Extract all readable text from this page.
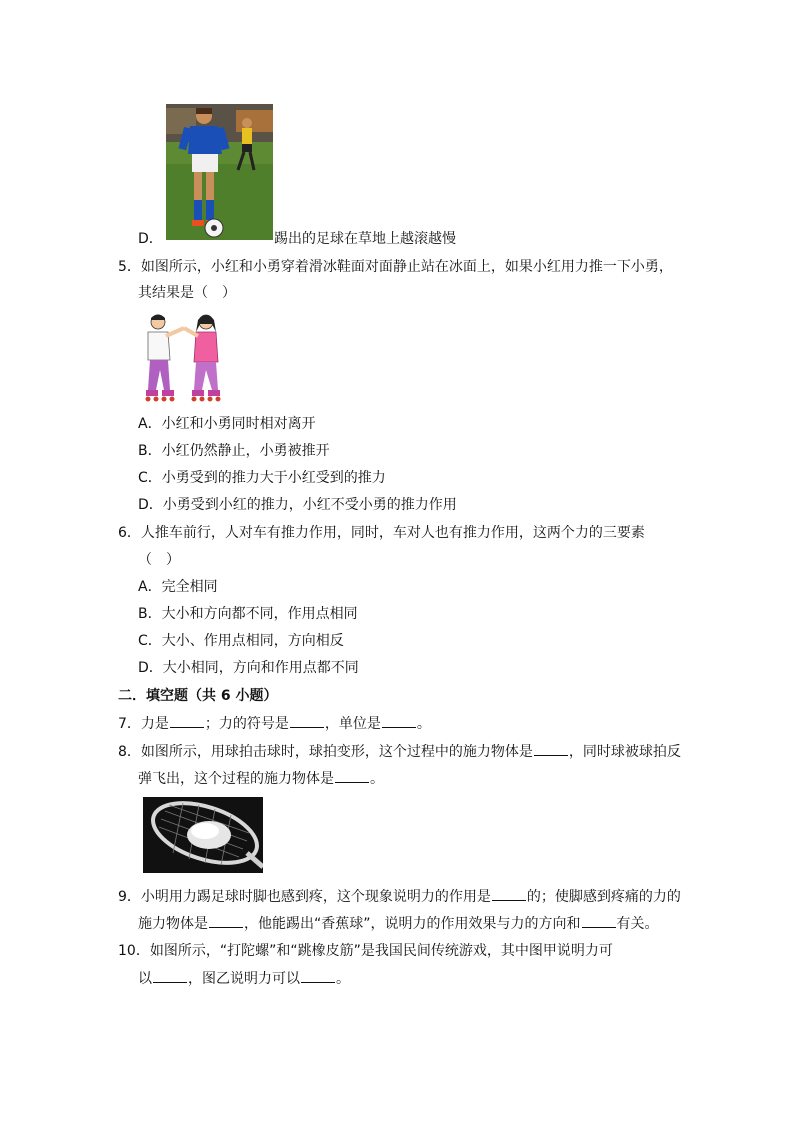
D．	踢出的足球在草地上越滚越慢
5．如图所示，小红和小勇穿着滑冰鞋面对面静止站在冰面上，如果小红用力推一下小勇，
其结果是（　）
A．小红和小勇同时相对离开
B．小红仍然静止，小勇被推开
C．小勇受到的推力大于小红受到的推力
D．小勇受到小红的推力，小红不受小勇的推力作用
6．人推车前行，人对车有推力作用，同时，车对人也有推力作用，这两个力的三要素
（　）
A．完全相同
B．大小和方向都不同，作用点相同
C．大小、作用点相同，方向相反
D．大小相同，方向和作用点都不同
二．填空题（共 6 小题）
7．力是	；力的符号是	，单位是	。
8．如图所示，用球拍击球时，球拍变形，这个过程中的施力物体是	，同时球被球拍反
弹飞出，这个过程的施力物体是	。
9．小明用力踢足球时脚也感到疼，这个现象说明力的作用是	的；使脚感到疼痛的力的
施力物体是	，他能踢出“香蕉球”，说明力的作用效果与力的方向和	有关。
10．如图所示，“打陀螺”和“跳橡皮筋”是我国民间传统游戏，其中图甲说明力可
以	，图乙说明力可以	。
